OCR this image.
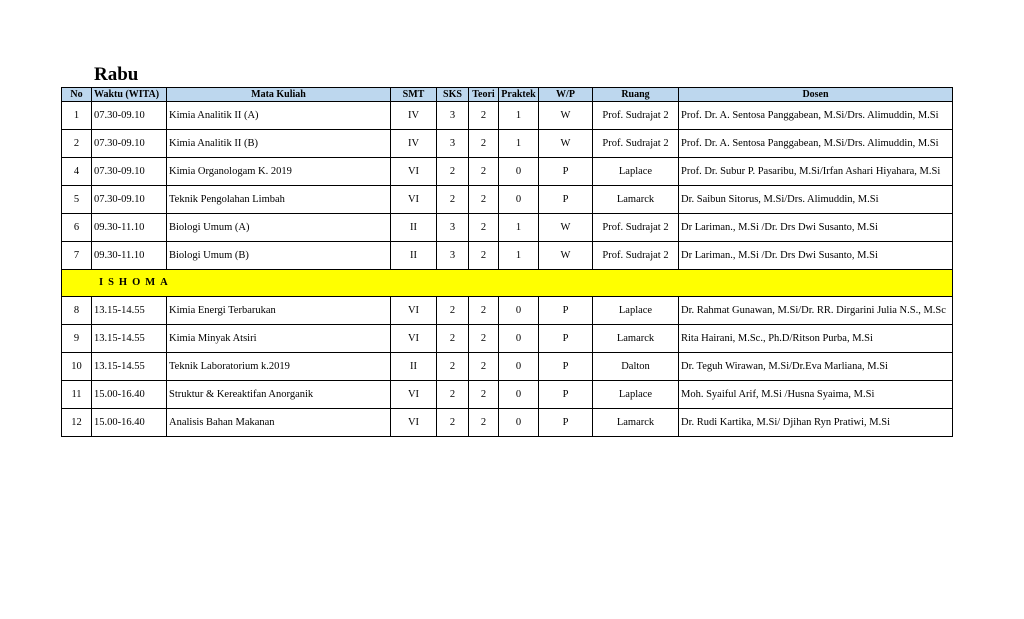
Rabu
No	Waktu (WITA)	Mata Kuliah	SMT	SKS	Teori	Praktek	W/P	Ruang	Dosen
1	07.30-09.10	Kimia Analitik II (A)	IV	3	2	1	W	Prof. Sudrajat 2	Prof. Dr. A. Sentosa Panggabean, M.Si/Drs. Alimuddin, M.Si
2	07.30-09.10	Kimia Analitik II (B)	IV	3	2	1	W	Prof. Sudrajat 2	Prof. Dr. A. Sentosa Panggabean, M.Si/Drs. Alimuddin, M.Si
4	07.30-09.10	Kimia Organologam K. 2019	VI	2	2	0	P	Laplace	Prof. Dr. Subur P. Pasaribu, M.Si/Irfan Ashari Hiyahara, M.Si
5	07.30-09.10	Teknik Pengolahan Limbah	VI	2	2	0	P	Lamarck	Dr. Saibun Sitorus, M.Si/Drs. Alimuddin, M.Si
6	09.30-11.10	Biologi Umum (A)	II	3	2	1	W	Prof. Sudrajat 2	Dr Lariman., M.Si /Dr. Drs Dwi Susanto, M.Si
7	09.30-11.10	Biologi Umum (B)	II	3	2	1	W	Prof. Sudrajat 2	Dr Lariman., M.Si /Dr. Drs Dwi Susanto, M.Si
ISHOMA									
8	13.15-14.55	Kimia Energi Terbarukan	VI	2	2	0	P	Laplace	Dr. Rahmat Gunawan, M.Si/Dr. RR. Dirgarini Julia N.S., M.Sc
9	13.15-14.55	Kimia Minyak Atsiri	VI	2	2	0	P	Lamarck	Rita Hairani, M.Sc., Ph.D/Ritson Purba, M.Si
10	13.15-14.55	Teknik Laboratorium k.2019	II	2	2	0	P	Dalton	Dr. Teguh Wirawan, M.Si/Dr.Eva Marliana, M.Si
11	15.00-16.40	Struktur & Kereaktifan Anorganik	VI	2	2	0	P	Laplace	Moh. Syaiful Arif, M.Si /Husna Syaima, M.Si
12	15.00-16.40	Analisis Bahan Makanan	VI	2	2	0	P	Lamarck	Dr. Rudi Kartika, M.Si/ Djihan Ryn Pratiwi, M.Si
